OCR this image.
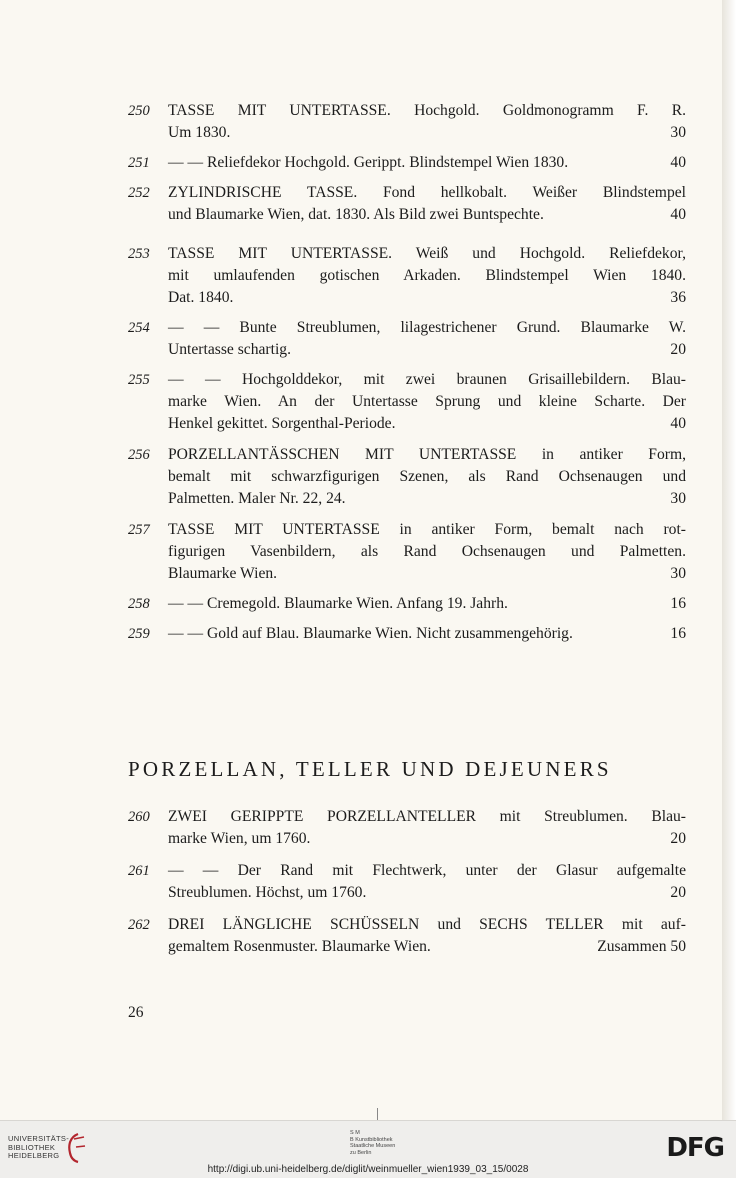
250 TASSE MIT UNTERTASSE. Hochgold. Goldmonogramm F. R.
Um 1830.	30
251 — — Reliefdekor Hochgold. Gerippt. Blindstempel Wien 1830.	40
252 ZYLINDRISCHE TASSE. Fond hellkobalt. Weißer Blindstempel
und Blaumarke Wien, dat. 1830. Als Bild zwei Buntspechte.	40
253 TASSE MIT UNTERTASSE. Weiß und Hochgold. Reliefdekor,
mit umlaufenden gotischen Arkaden. Blindstempel Wien 1840.
Dat. 1840.	36
254 — — Bunte Streublumen, lilagestrichener Grund. Blaumarke W.
Untertasse schartig.	20
255 — — Hochgolddekor, mit zwei braunen Grisaillebildern. Blau-
marke Wien. An der Untertasse Sprung und kleine Scharte. Der
Henkel gekittet. Sorgenthal-Periode.	40
256 PORZELLANTÄSSCHEN MIT UNTERTASSE in antiker Form,
bemalt mit schwarzfigurigen Szenen, als Rand Ochsenaugen und
Palmetten. Maler Nr. 22, 24.	30
257 TASSE MIT UNTERTASSE in antiker Form, bemalt nach rot-
figurigen Vasenbildern, als Rand Ochsenaugen und Palmetten.
Blaumarke Wien.	30
258 — — Cremegold. Blaumarke Wien. Anfang 19. Jahrh.	16
259 — — Gold auf Blau. Blaumarke Wien. Nicht zusammengehörig.	16
PORZELLAN, TELLER UND DEJEUNERS
260 ZWEI GERIPPTE PORZELLANTELLER mit Streublumen. Blau-
marke Wien, um 1760.	20
261 — — Der Rand mit Flechtwerk, unter der Glasur aufgemalte
Streublumen. Höchst, um 1760.	20
262 DREI LÄNGLICHE SCHÜSSELN und SECHS TELLER mit auf-
gemaltem Rosenmuster. Blaumarke Wien.	Zusammen 50
26
UNIVERSITÄTS-
BIBLIOTHEK
HEIDELBERG
S M
B Kunstbibliothek
Staatliche Museen
zu Berlin
http://digi.ub.uni-heidelberg.de/diglit/weinmueller_wien1939_03_15/0028
DFG
